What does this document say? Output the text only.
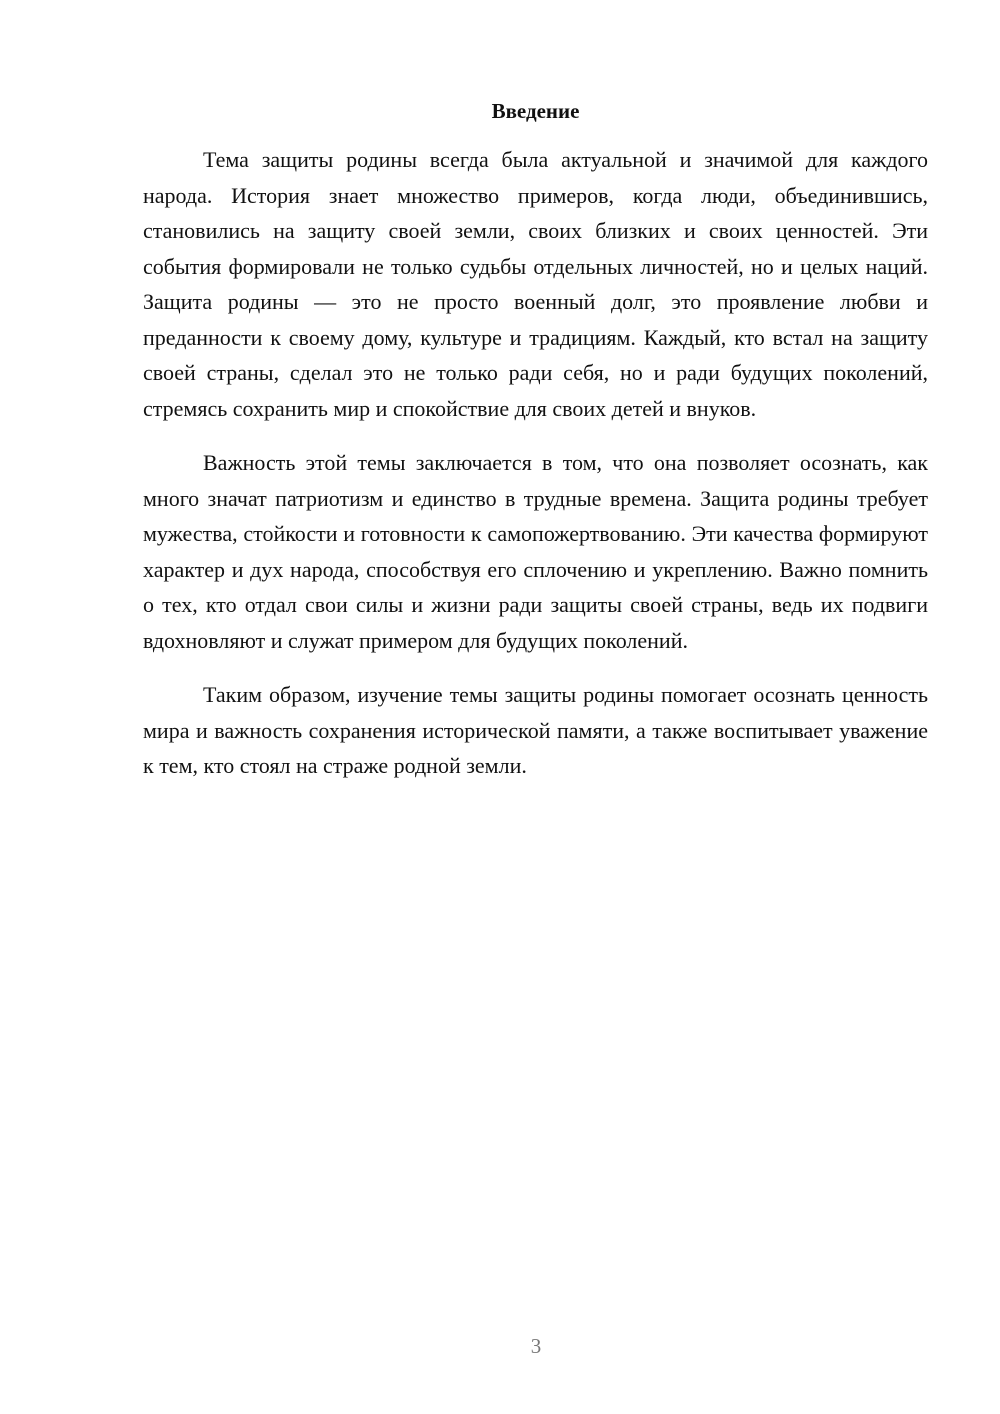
Введение

Тема защиты родины всегда была актуальной и значимой для каждого народа. История знает множество примеров, когда люди, объединившись, становились на защиту своей земли, своих близких и своих ценностей. Эти события формировали не только судьбы отдельных личностей, но и целых наций. Защита родины — это не просто военный долг, это проявление любви и преданности к своему дому, культуре и традициям. Каждый, кто встал на защиту своей страны, сделал это не только ради себя, но и ради будущих поколений, стремясь сохранить мир и спокойствие для своих детей и внуков.

Важность этой темы заключается в том, что она позволяет осознать, как много значат патриотизм и единство в трудные времена. Защита родины требует мужества, стойкости и готовности к самопожертвованию. Эти качества формируют характер и дух народа, способствуя его сплочению и укреплению. Важно помнить о тех, кто отдал свои силы и жизни ради защиты своей страны, ведь их подвиги вдохновляют и служат примером для будущих поколений.

Таким образом, изучение темы защиты родины помогает осознать ценность мира и важность сохранения исторической памяти, а также воспитывает уважение к тем, кто стоял на страже родной земли.

3
